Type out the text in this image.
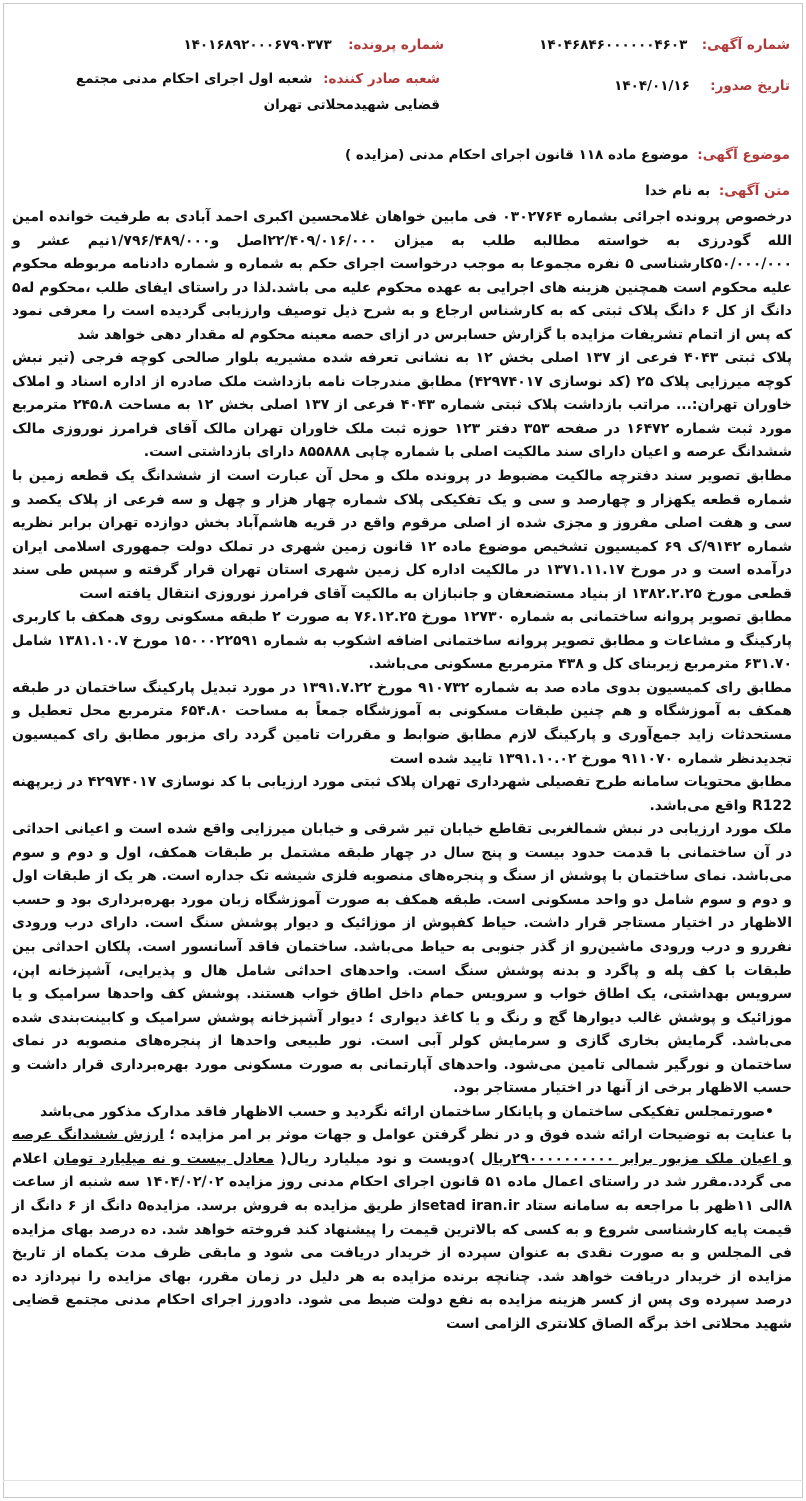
شماره آگهی: ۱۴۰۴۶۸۴۶۰۰۰۰۰۰۴۶۰۳
تاریخ صدور: ۱۴۰۴/۰۱/۱۶
شماره پرونده: ۱۴۰۱۶۸۹۲۰۰۰۶۷۹۰۳۷۳
شعبه صادر کننده: شعبه اول اجرای احکام مدنی مجتمع قضایی شهیدمحلاتی تهران
موضوع آگهی: موضوع ماده ۱۱۸ قانون اجرای احکام مدنی (مزایده )
متن آگهی: به نام خدا

درخصوص پرونده اجرائی بشماره ۰۳۰۲۷۶۴ فی مابین خواهان غلامحسین اکبری احمد آبادی به طرفیت خوانده امین الله گودرزی به خواسته مطالبه طلب به میزان ۲۲/۴۰۹/۰۱۶/۰۰۰اصل و۱/۷۹۶/۴۸۹/۰۰۰نیم عشر و ۵۰/۰۰۰/۰۰۰کارشناسی ۵ نفره مجموعا به موجب درخواست اجرای حکم به شماره و شماره دادنامه مربوطه محکوم علیه محکوم است همچنین هزینه های اجرایی به عهده محکوم علیه می باشد.لذا در راستای ایفای طلب ،محکوم له۵ دانگ از کل ۶ دانگ پلاک ثبتی که به کارشناس ارجاع و به شرح ذیل توصیف وارزیابی گردیده است را معرفی نمود که پس از اتمام تشریفات مزایده با گزارش حسابرس در ازای حصه معینه محکوم له مقدار دهی خواهد شد

پلاک ثبتی ۴۰۴۳ فرعی از ۱۳۷ اصلی بخش ۱۲ به نشانی تعرفه شده مشیریه بلوار صالحی کوچه فرجی (تیر نبش کوچه میرزایی پلاک ۲۵ (کد نوسازی ۴۲۹۷۴۰۱۷) مطابق مندرجات نامه بازداشت ملک صادره از اداره اسناد و املاک خاوران تهران:... مراتب بازداشت پلاک ثبتی شماره ۴۰۴۳ فرعی از ۱۳۷ اصلی بخش ۱۲ به مساحت ۲۴۵.۸ مترمربع مورد ثبت شماره ۱۶۴۷۲ در صفحه ۳۵۳ دفتر ۱۲۳ حوزه ثبت ملک خاوران تهران مالک آقای فرامرز نوروزی مالک ششدانگ عرصه و اعیان دارای سند مالکیت اصلی با شماره چاپی ۸۵۵۸۸۸ دارای بازداشتی است.

مطابق تصویر سند دفترچه مالکیت مضبوط در پرونده ملک و محل آن عبارت است از ششدانگ یک قطعه زمین با شماره قطعه یکهزار و چهارصد و سی و یک تفکیکی پلاک شماره چهار هزار و چهل و سه فرعی از پلاک یکصد و سی و هفت اصلی مفروز و مجزی شده از اصلی مرقوم واقع در قریه هاشم‌آباد بخش دوازده تهران برابر نظریه شماره ۹۱۴۲/ک ۶۹ کمیسیون تشخیص موضوع ماده ۱۲ قانون زمین شهری در تملک دولت جمهوری اسلامی ایران درآمده است و در مورخ ۱۳۷۱.۱۱.۱۷ در مالکیت اداره کل زمین شهری استان تهران قرار گرفته و سپس طی سند قطعی مورخ ۱۳۸۲.۲.۲۵ از بنیاد مستضعفان و جانبازان به مالکیت آقای فرامرز نوروزی انتقال یافته است

مطابق تصویر پروانه ساختمانی به شماره ۱۲۷۳۰ مورخ ۷۶.۱۲.۲۵ به صورت ۲ طبقه مسکونی روی همکف با کاربری پارکینگ و مشاعات و مطابق تصویر پروانه ساختمانی اضافه اشکوب به شماره ۱۵۰۰۰۲۲۵۹۱ مورخ ۱۳۸۱.۱۰.۷ شامل ۶۳۱.۷۰ مترمربع زیربنای کل و ۴۳۸ مترمربع مسکونی می‌باشد.

مطابق رای کمیسیون بدوی ماده صد به شماره ۹۱۰۷۳۲ مورخ ۱۳۹۱.۷.۲۲ در مورد تبدیل پارکینگ ساختمان در طبقه همکف به آموزشگاه و هم چنین طبقات مسکونی به آموزشگاه جمعاً به مساحت ۶۵۴.۸۰ مترمربع محل تعطیل و مستحدثات زاید جمع‌آوری و پارکینگ لازم مطابق ضوابط و مقررات تامین گردد رای مزبور مطابق رای کمیسیون تجدیدنظر شماره ۹۱۱۰۷۰ مورخ ۱۳۹۱.۱۰.۰۲ تایید شده است

مطابق محتویات سامانه طرح تفصیلی شهرداری تهران پلاک ثبتی مورد ارزیابی با کد نوسازی ۴۲۹۷۴۰۱۷ در زیرپهنه R122 واقع می‌باشد.

ملک مورد ارزیابی در نبش شمالغربی تقاطع خیابان تیر شرقی و خیابان میرزایی واقع شده است و اعیانی احداثی در آن ساختمانی با قدمت حدود بیست و پنج سال در چهار طبقه مشتمل بر طبقات همکف، اول و دوم و سوم می‌باشد. نمای ساختمان با پوشش از سنگ و پنجره‌های منصوبه فلزی شیشه تک جداره است. هر یک از طبقات اول و دوم و سوم شامل دو واحد مسکونی است. طبقه همکف به صورت آموزشگاه زبان مورد بهره‌برداری بود و حسب الاظهار در اختیار مستاجر قرار داشت. حیاط کفپوش از موزائیک و دیوار پوشش سنگ است. دارای درب ورودی نفررو و درب ورودی ماشین‌رو از گذر جنوبی به حیاط می‌باشد. ساختمان فاقد آسانسور است. پلکان احداثی بین طبقات با کف پله و پاگرد و بدنه پوشش سنگ است. واحدهای احداثی شامل هال و پذیرایی، آشپزخانه اپن، سرویس بهداشتی، یک اطاق خواب و سرویس حمام داخل اطاق خواب هستند. پوشش کف واحدها سرامیک و یا موزائیک و پوشش غالب دیوارها گچ و رنگ و یا کاغذ دیواری ؛ دیوار آشپزخانه پوشش سرامیک و کابینت‌بندی شده می‌باشد. گرمایش بخاری گازی و سرمایش کولر آبی است. نور طبیعی واحدها از پنجره‌های منصوبه در نمای ساختمان و نورگیر شمالی تامین می‌شود. واحدهای آپارتمانی به صورت مسکونی مورد بهره‌برداری قرار داشت و حسب الاظهار برخی از آنها در اختیار مستاجر بود.

•صورتمجلس تفکیکی ساختمان و پایانکار ساختمان ارائه نگردید و حسب الاظهار فاقد مدارک مذکور می‌باشد

با عنایت به توضیحات ارائه شده فوق و در نظر گرفتن عوامل و جهات موثر بر امر مزایده ؛ ارزش ششدانگ عرصه و اعیان ملک مزبور برابر ۲۹۰۰۰۰۰۰۰۰۰۰ریال )دویست و نود میلیارد ریال( معادل بیست و نه میلیارد تومان اعلام می گردد.مقرر شد در راستای اعمال ماده ۵۱ قانون اجرای احکام مدنی روز مزایده ۱۴۰۴/۰۲/۰۲ سه شنبه از ساعت ۸الی ۱۱ظهر با مراجعه به سامانه ستاد setad iran.irاز طریق مزایده به فروش برسد. مزایده۵ دانگ از ۶ دانگ از قیمت پایه کارشناسی شروع و به کسی که بالاترین قیمت را پیشنهاد کند فروخته خواهد شد. ده درصد بهای مزایده فی المجلس و به صورت نقدی به عنوان سپرده از خریدار دریافت می شود و مابقی ظرف مدت یکماه از تاریخ مزایده از خریدار دریافت خواهد شد. چنانچه برنده مزایده به هر دلیل در زمان مقرر، بهای مزایده را نپردازد ده درصد سپرده وی پس از کسر هزینه مزایده به نفع دولت ضبط می شود. دادورز اجرای احکام مدنی مجتمع قضایی شهید محلاتی اخذ برگه الصاق کلانتری الزامی است
